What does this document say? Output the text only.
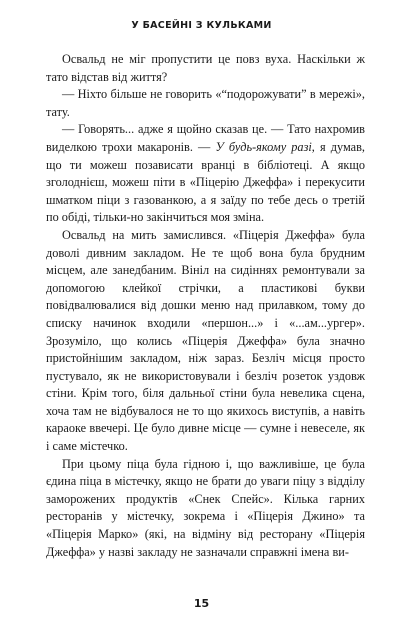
У БАСЕЙНІ З КУЛЬКАМИ

Освальд не міг пропустити це повз вуха. Наскільки ж тато відстав від життя?

— Ніхто більше не говорить «“подорожувати” в мережі», тату.

— Говорять... адже я щойно сказав це. — Тато нахромив виделкою трохи макаронів. — У будь-якому разі, я думав, що ти можеш позависати вранці в бібліотеці. А якщо зголоднієш, можеш піти в «Піцерію Джеффа» і перекусити шматком піци з газованкою, а я заїду по тебе десь о третій по обіді, тільки-но закінчиться моя зміна.

Освальд на мить замислився. «Піцерія Джеффа» була доволі дивним закладом. Не те щоб вона була брудним місцем, але занедбаним. Вініл на сидіннях ремонтували за допомогою клейкої стрічки, а пластикові букви повідвалювалися від дошки меню над прилавком, тому до списку начинок входили «першон...» і «...ам...ургер». Зрозуміло, що колись «Піцерія Джеффа» була значно пристойнішим закладом, ніж зараз. Безліч місця просто пустувало, як не використовували і безліч розеток уздовж стіни. Крім того, біля дальньої стіни була невелика сцена, хоча там не відбувалося не то що якихось виступів, а навіть караоке ввечері. Це було дивне місце — сумне і невеселе, як і саме містечко.

При цьому піца була гідною і, що важливіше, це була єдина піца в містечку, якщо не брати до уваги піцу з відділу заморожених продуктів «Снек Спейс». Кілька гарних ресторанів у містечку, зокрема і «Піцерія Джино» та «Піцерія Марко» (які, на відміну від ресторану «Піцерія Джеффа» у назві закладу не зазначали справжні імена ви-

15
